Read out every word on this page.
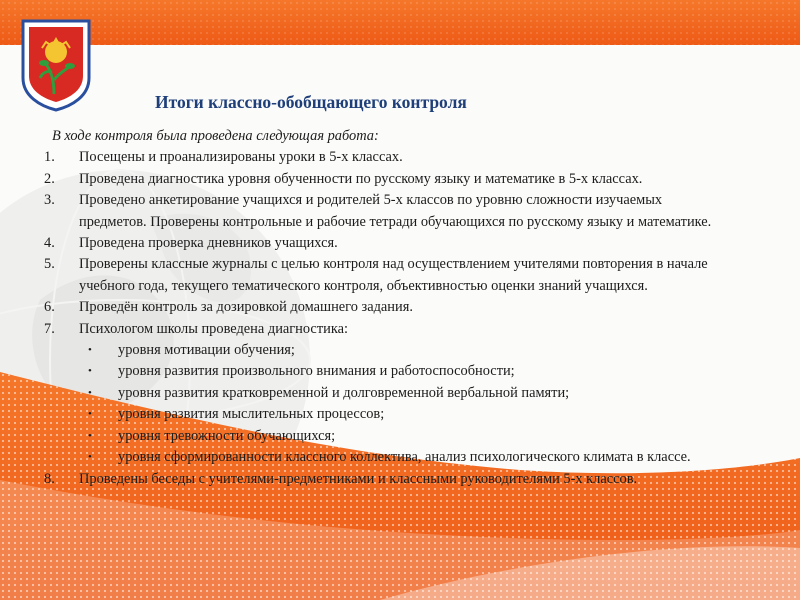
Итоги классно-обобщающего контроля
В ходе контроля была проведена следующая работа:
1. Посещены и проанализированы уроки в 5-х классах.
2. Проведена диагностика уровня обученности по русскому языку и математике в 5-х классах.
3. Проведено анкетирование учащихся и родителей 5-х классов по уровню сложности изучаемых предметов. Проверены контрольные и рабочие тетради обучающихся по русскому языку и математике.
4. Проведена проверка дневников учащихся.
5. Проверены классные журналы с целью контроля над осуществлением учителями повторения в начале учебного года, текущего тематического контроля, объективностью оценки знаний учащихся.
6. Проведён контроль за дозировкой домашнего задания.
7. Психологом школы проведена диагностика:
• уровня мотивации обучения;
• уровня развития произвольного внимания и работоспособности;
• уровня развития кратковременной и долговременной вербальной памяти;
• уровня развития мыслительных процессов;
• уровня тревожности обучающихся;
• уровня сформированности классного коллектива, анализ психологического климата в классе.
8. Проведены беседы с учителями-предметниками и классными руководителями 5-х классов.
